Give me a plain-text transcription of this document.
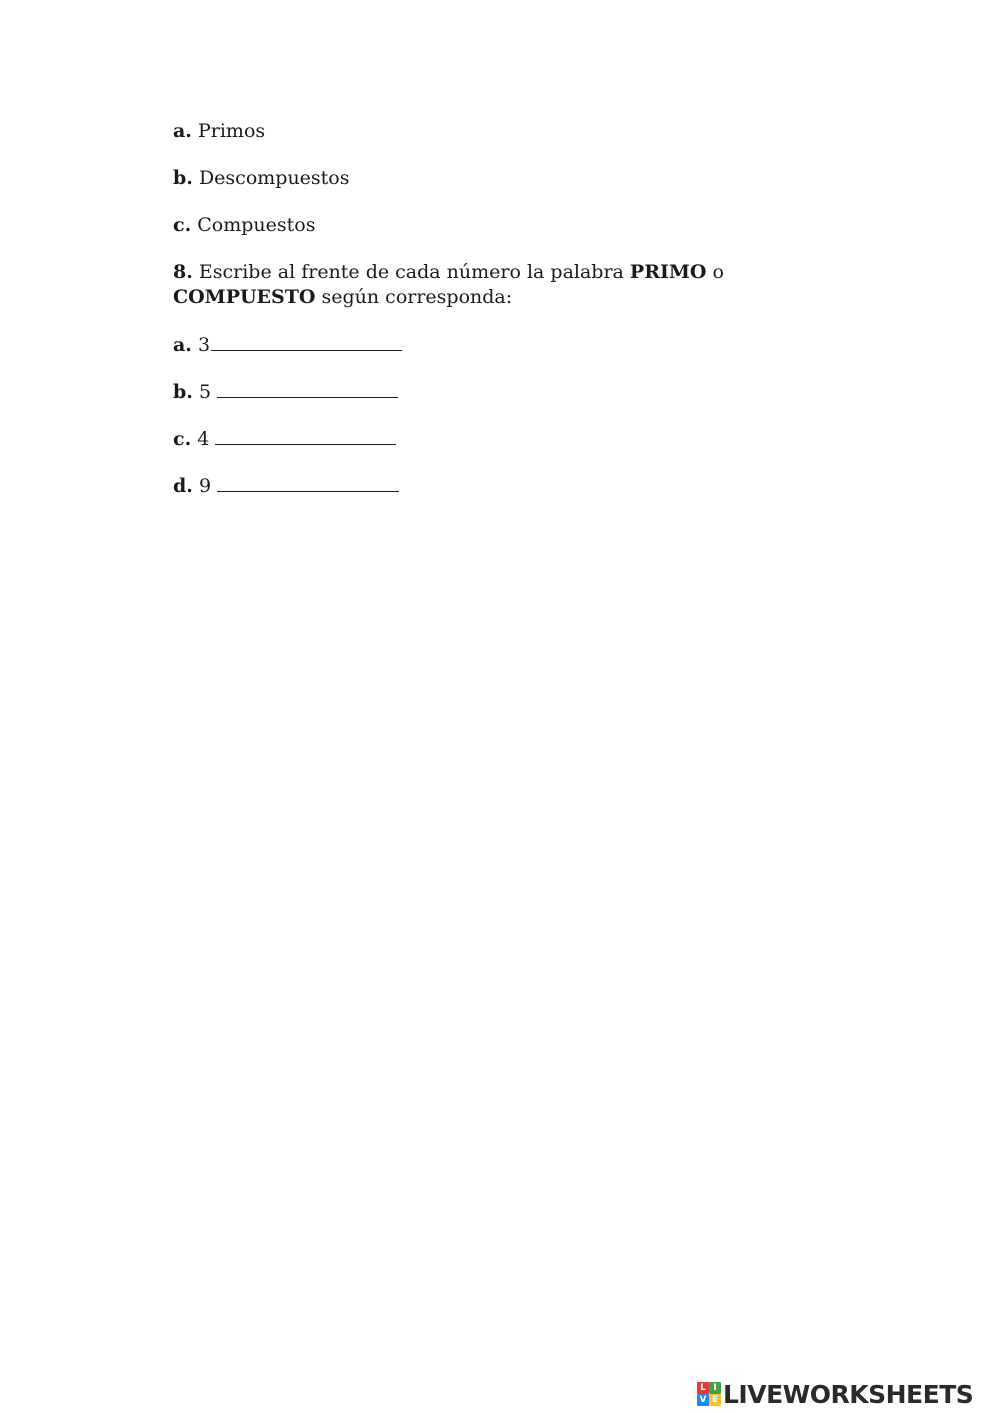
a. Primos
b. Descompuestos
c. Compuestos
8. Escribe al frente de cada número la palabra PRIMO o
COMPUESTO según corresponda:
a. 3
b. 5
c. 4
d. 9
L I
V E LIVEWORKSHEETS
